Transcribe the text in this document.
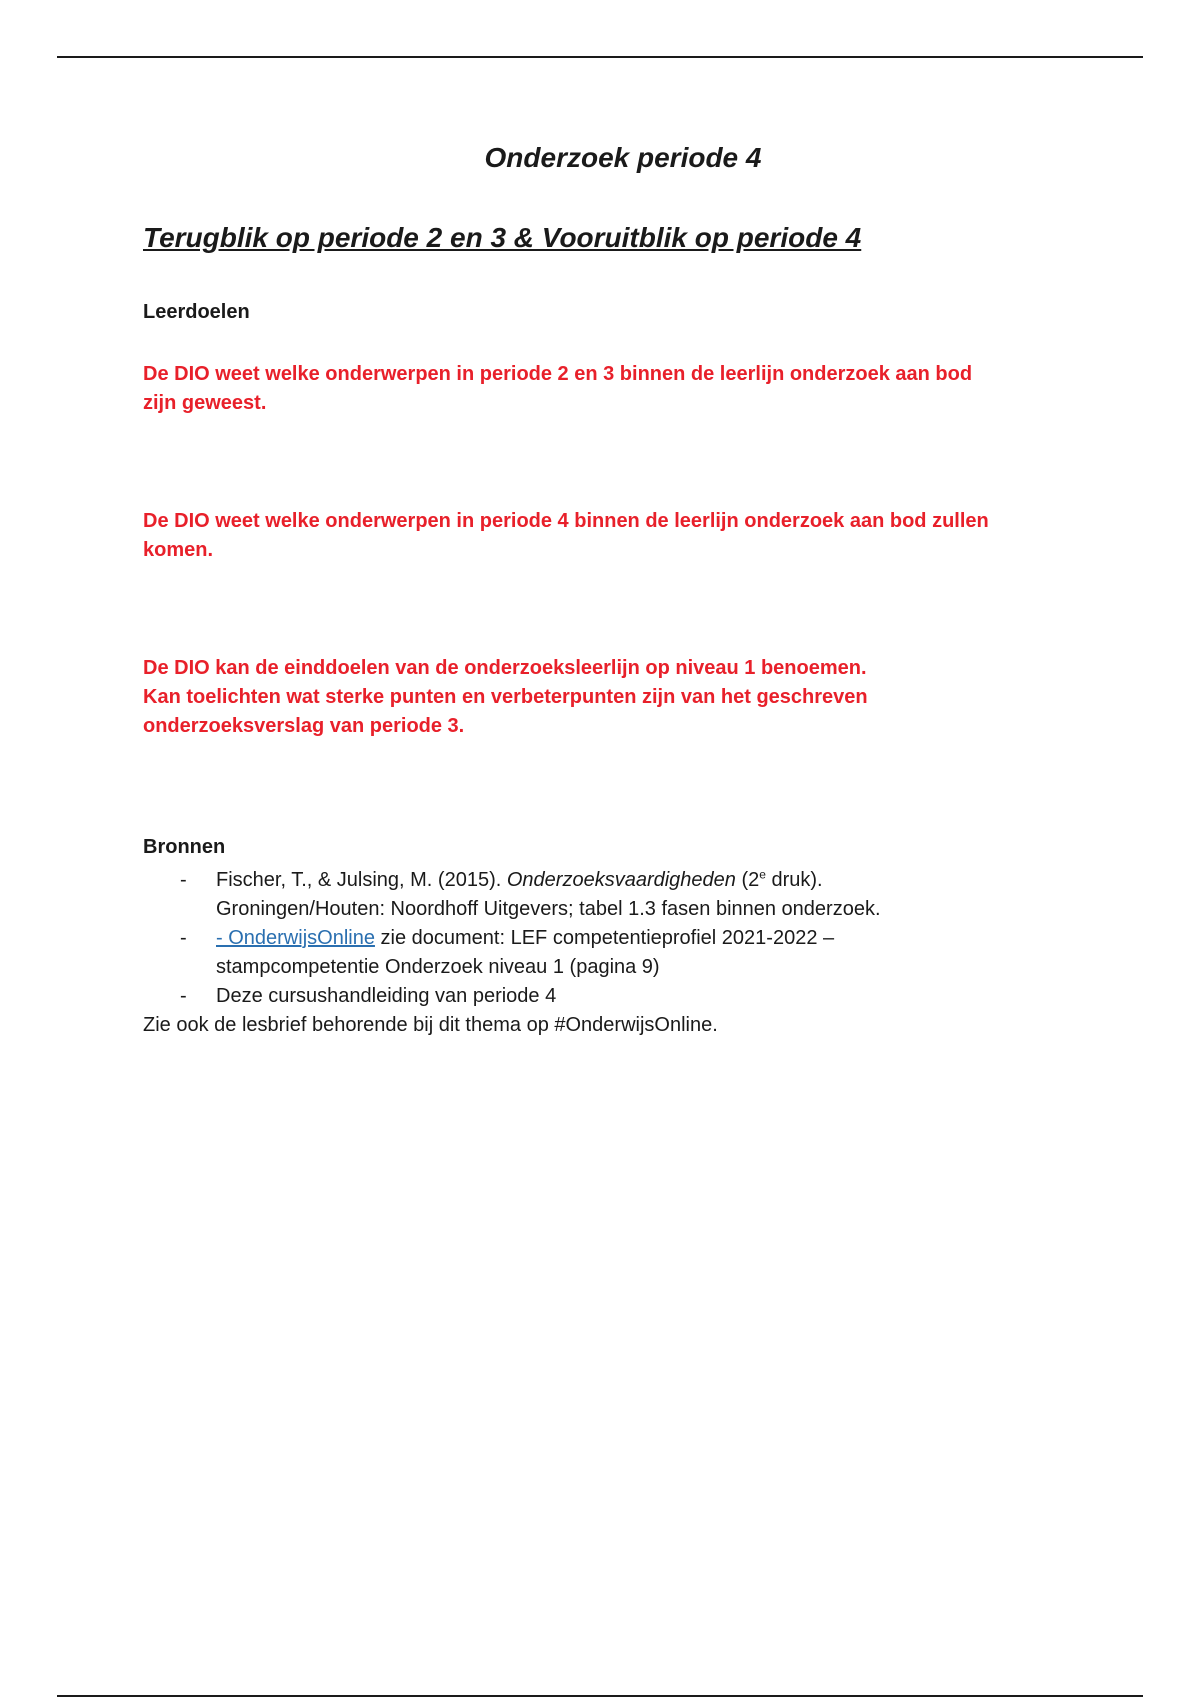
Onderzoek periode 4
Terugblik op periode 2 en 3 & Vooruitblik op periode 4
Leerdoelen

De DIO weet welke onderwerpen in periode 2 en 3 binnen de leerlijn onderzoek aan bod
zijn geweest.

De DIO weet welke onderwerpen in periode 4 binnen de leerlijn onderzoek aan bod zullen
komen.

De DIO kan de einddoelen van de onderzoeksleerlijn op niveau 1 benoemen.
Kan toelichten wat sterke punten en verbeterpunten zijn van het geschreven
onderzoeksverslag van periode 3.

Bronnen
- Fischer, T., & Julsing, M. (2015). Onderzoeksvaardigheden (2e druk).
Groningen/Houten: Noordhoff Uitgevers; tabel 1.3 fasen binnen onderzoek.
- - OnderwijsOnline zie document: LEF competentieprofiel 2021-2022 –
stampcompetentie Onderzoek niveau 1 (pagina 9)
- Deze cursushandleiding van periode 4

Zie ook de lesbrief behorende bij dit thema op #OnderwijsOnline.
